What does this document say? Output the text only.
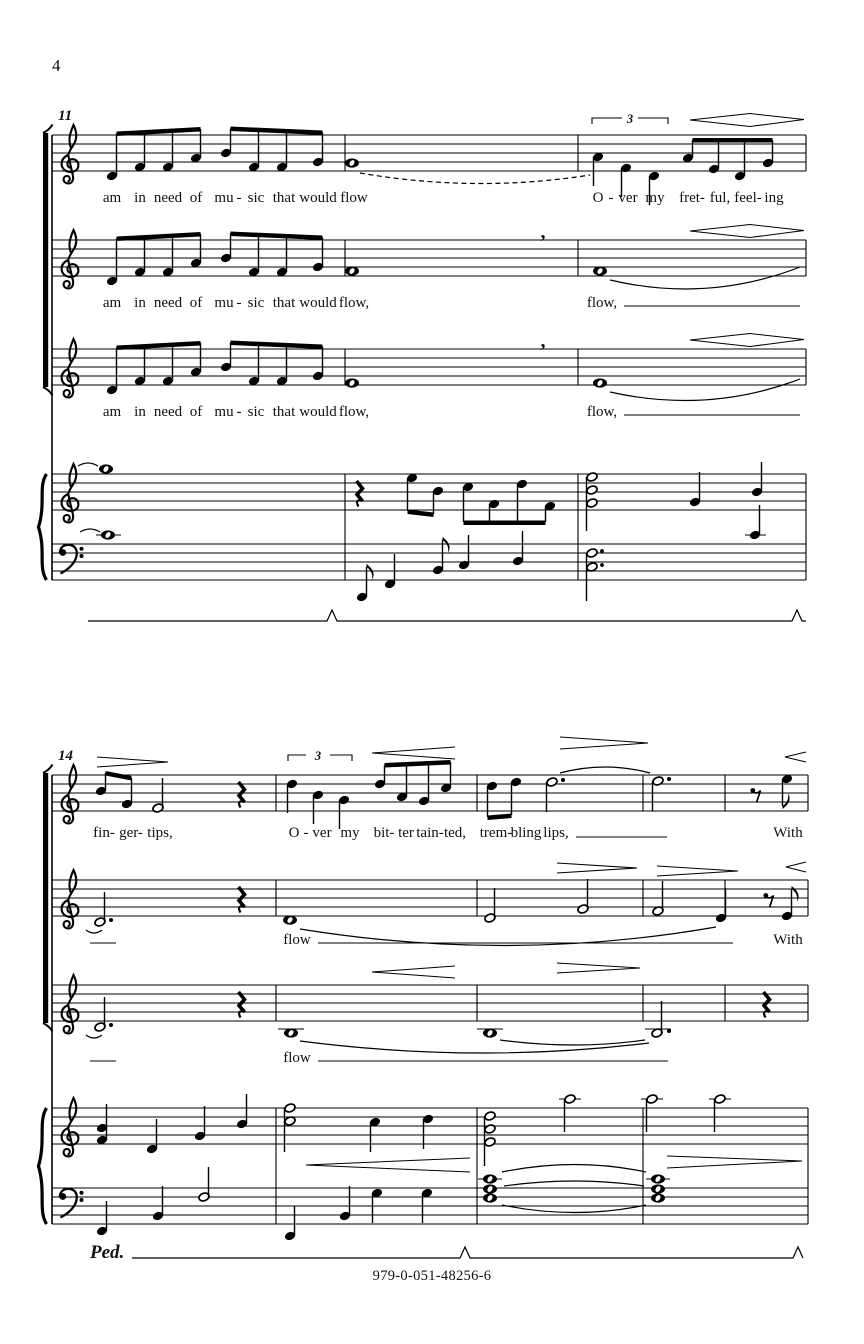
4
11	3
,
,
14	3
Ped.
am in need of mu - sic that would flow	O - ver my fret- ful, feel- ing
am in need of mu - sic that would flow,	flow,
am in need of mu - sic that would flow,	flow,
fin- ger- tips,	O - ver my bit- ter tain- ted, trem-
bling lips,	With
flow	With
flow
979-0-051-48256-6
